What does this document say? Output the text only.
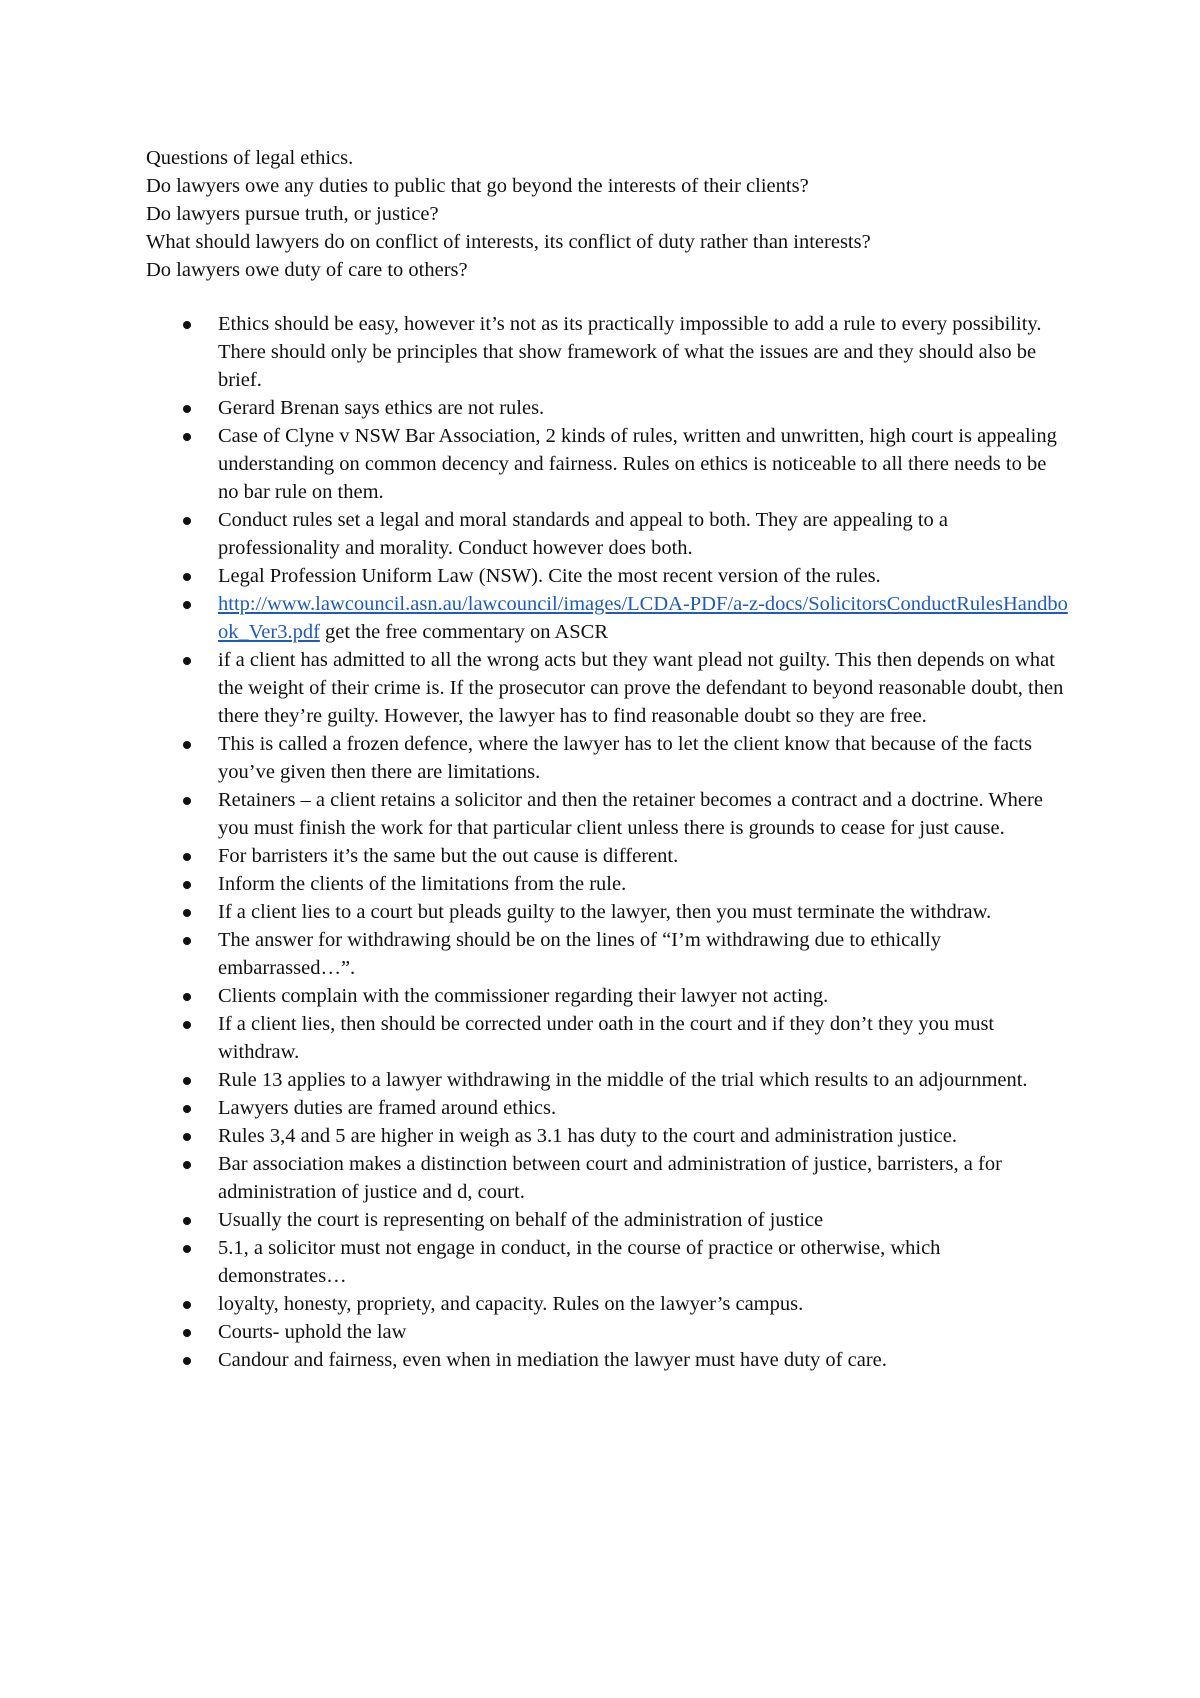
Questions of legal ethics.

Do lawyers owe any duties to public that go beyond the interests of their clients?

Do lawyers pursue truth, or justice?

What should lawyers do on conflict of interests, its conflict of duty rather than interests?

Do lawyers owe duty of care to others?

Ethics should be easy, however it’s not as its practically impossible to add a rule to every possibility. There should only be principles that show framework of what the issues are and they should also be brief.
Gerard Brenan says ethics are not rules.
Case of Clyne v NSW Bar Association, 2 kinds of rules, written and unwritten, high court is appealing understanding on common decency and fairness. Rules on ethics is noticeable to all there needs to be no bar rule on them.
Conduct rules set a legal and moral standards and appeal to both. They are appealing to a professionality and morality. Conduct however does both.
Legal Profession Uniform Law (NSW). Cite the most recent version of the rules.
http://www.lawcouncil.asn.au/lawcouncil/images/LCDA-PDF/a-z-docs/SolicitorsConductRulesHandbook_Ver3.pdf get the free commentary on ASCR
if a client has admitted to all the wrong acts but they want plead not guilty. This then depends on what the weight of their crime is. If the prosecutor can prove the defendant to beyond reasonable doubt, then there they’re guilty. However, the lawyer has to find reasonable doubt so they are free.
This is called a frozen defence, where the lawyer has to let the client know that because of the facts you’ve given then there are limitations.
Retainers – a client retains a solicitor and then the retainer becomes a contract and a doctrine. Where you must finish the work for that particular client unless there is grounds to cease for just cause.
For barristers it’s the same but the out cause is different.
Inform the clients of the limitations from the rule.
If a client lies to a court but pleads guilty to the lawyer, then you must terminate the withdraw.
The answer for withdrawing should be on the lines of “I’m withdrawing due to ethically embarrassed…”.
Clients complain with the commissioner regarding their lawyer not acting.
If a client lies, then should be corrected under oath in the court and if they don’t they you must withdraw.
Rule 13 applies to a lawyer withdrawing in the middle of the trial which results to an adjournment.
Lawyers duties are framed around ethics.
Rules 3,4 and 5 are higher in weigh as 3.1 has duty to the court and administration justice.
Bar association makes a distinction between court and administration of justice, barristers, a for administration of justice and d, court.
Usually the court is representing on behalf of the administration of justice
5.1, a solicitor must not engage in conduct, in the course of practice or otherwise, which demonstrates…
loyalty, honesty, propriety, and capacity. Rules on the lawyer’s campus.
Courts- uphold the law
Candour and fairness, even when in mediation the lawyer must have duty of care.
